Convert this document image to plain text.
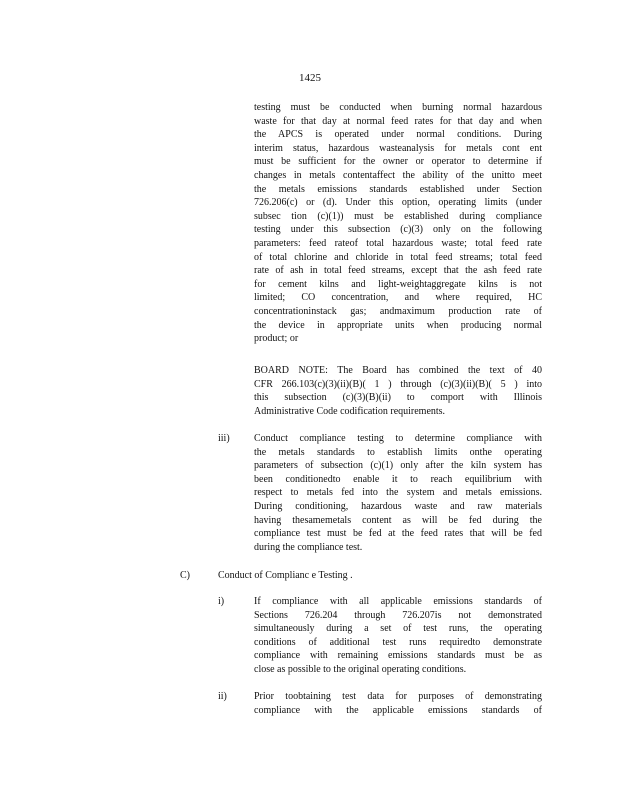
1425
testing must be conducted when burning normal hazardous
waste for that day at normal feed rates for that day and when
the APCS is operated under normal conditions. During
interim status, hazardous wasteanalysis for metals cont ent
must be sufficient for the owner or operator to determine if
changes in metals contentaffect the ability of the unitto meet
the metals emissions standards established under Section
726.206(c) or (d). Under this option, operating limits (under
subsec tion (c)(1)) must be established during compliance
testing under this subsection (c)(3) only on the following
parameters: feed rateof total hazardous waste; total feed rate
of total chlorine and chloride in total feed streams; total feed
rate of ash in total feed streams, except that the ash feed rate
for cement kilns and light-weightaggregate kilns is not
limited; CO concentration, and where required, HC
concentrationinstack gas; andmaximum production rate of
the device in appropriate units when producing normal
product; or
BOARD NOTE: The Board has combined the text of 40
CFR 266.103(c)(3)(ii)(B)( 1 ) through (c)(3)(ii)(B)( 5 ) into
this subsection (c)(3)(B)(ii) to comport with Illinois
Administrative Code codification requirements.
iii) Conduct compliance testing to determine compliance with
the metals standards to establish limits onthe operating
parameters of subsection (c)(1) only after the kiln system has
been conditionedto enable it to reach equilibrium with
respect to metals fed into the system and metals emissions.
During conditioning, hazardous waste and raw materials
having thesamemetals content as will be fed during the
compliance test must be fed at the feed rates that will be fed
during the compliance test.
C)	Conduct of Complianc e Testing .
i)	If compliance with all applicable emissions standards of
Sections 726.204 through 726.207is not demonstrated
simultaneously during a set of test runs, the operating
conditions of additional test runs requiredto demonstrate
compliance with remaining emissions standards must be as
close as possible to the original operating conditions.
ii)	Prior toobtaining test data for purposes of demonstrating
compliance with the applicable emissions standards of
